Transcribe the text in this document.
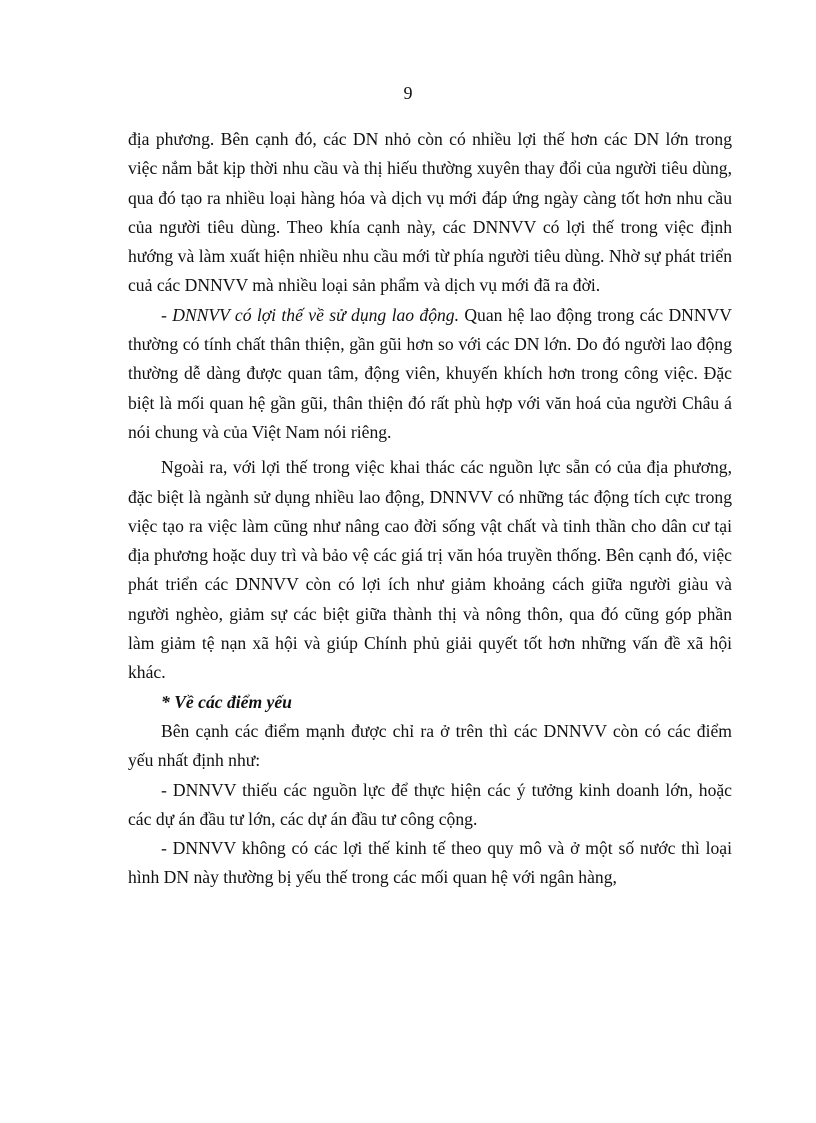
9

địa phương. Bên cạnh đó, các DN nhỏ còn có nhiều lợi thế hơn các DN lớn trong việc nắm bắt kịp thời nhu cầu và thị hiếu thường xuyên thay đổi của người tiêu dùng, qua đó tạo ra nhiều loại hàng hóa và dịch vụ mới đáp ứng ngày càng tốt hơn nhu cầu của người tiêu dùng. Theo khía cạnh này, các DNNVV có lợi thế trong việc định hướng và làm xuất hiện nhiều nhu cầu mới từ phía người tiêu dùng. Nhờ sự phát triển cuả các DNNVV mà nhiều loại sản phẩm và dịch vụ mới đã ra đời.

- DNNVV có lợi thế về sử dụng lao động. Quan hệ lao động trong các DNNVV thường có tính chất thân thiện, gần gũi hơn so với các DN lớn. Do đó người lao động thường dễ dàng được quan tâm, động viên, khuyến khích hơn trong công việc. Đặc biệt là mối quan hệ gần gũi, thân thiện đó rất phù hợp với văn hoá của người Châu á nói chung và của Việt Nam nói riêng.

Ngoài ra, với lợi thế trong việc khai thác các nguồn lực sẵn có của địa phương, đặc biệt là ngành sử dụng nhiều lao động, DNNVV có những tác động tích cực trong việc tạo ra việc làm cũng như nâng cao đời sống vật chất và tinh thần cho dân cư tại địa phương hoặc duy trì và bảo vệ các giá trị văn hóa truyền thống. Bên cạnh đó, việc phát triển các DNNVV còn có lợi ích như giảm khoảng cách giữa người giàu và người nghèo, giảm sự các biệt giữa thành thị và nông thôn, qua đó cũng góp phần làm giảm tệ nạn xã hội và giúp Chính phủ giải quyết tốt hơn những vấn đề xã hội khác.

* Về các điểm yếu

Bên cạnh các điểm mạnh được chỉ ra ở trên thì các DNNVV còn có các điểm yếu nhất định như:

- DNNVV thiếu các nguồn lực để thực hiện các ý tưởng kinh doanh lớn, hoặc các dự án đầu tư lớn, các dự án đầu tư công cộng.

- DNNVV không có các lợi thế kinh tế theo quy mô và ở một số nước thì loại hình DN này thường bị yếu thế trong các mối quan hệ với ngân hàng,
